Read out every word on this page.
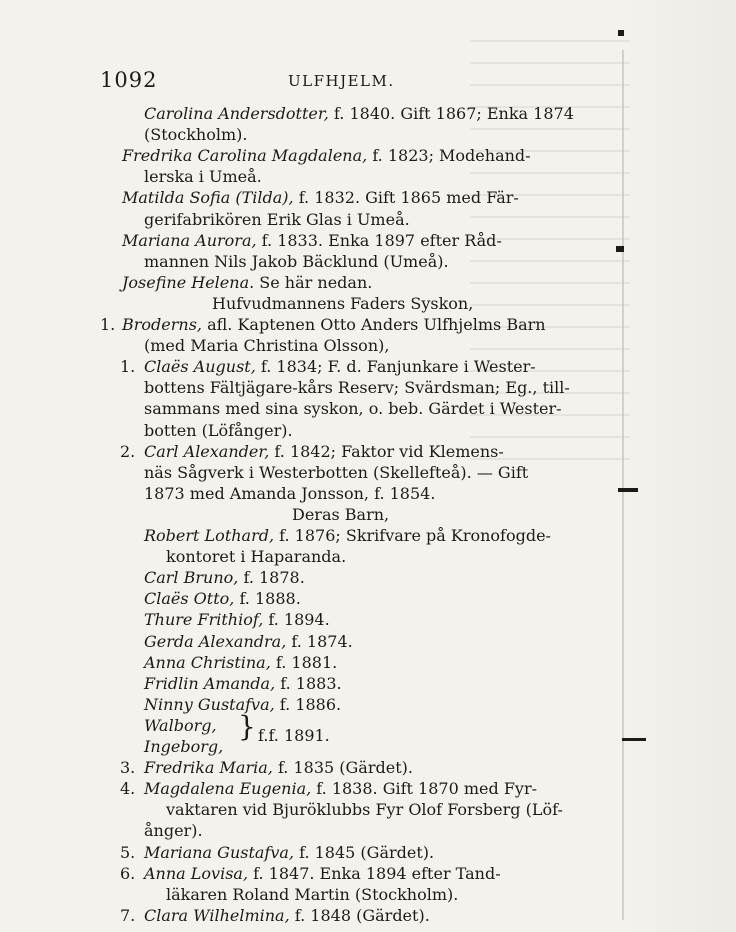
1092	ULFHJELM.
Carolina Andersdotter, f. 1840. Gift 1867; Enka 1874
(Stockholm).
Fredrika Carolina Magdalena, f. 1823; Modehand-
lerska i Umeå.
Matilda Sofia (Tilda), f. 1832. Gift 1865 med Fär-
gerifabrikören Erik Glas i Umeå.
Mariana Aurora, f. 1833. Enka 1897 efter Råd-
mannen Nils Jakob Bäcklund (Umeå).
Josefine Helena. Se här nedan.
Hufvudmannens Faders Syskon,
Broderns, afl. Kaptenen Otto Anders Ulfhjelms Barn
(med Maria Christina Olsson),
Claës August, f. 1834; F. d. Fanjunkare i Wester-
bottens Fältjägare-kårs Reserv; Svärdsman; Eg., till-
sammans med sina syskon, o. beb. Gärdet i Wester-
botten (Löfånger).
Carl Alexander, f. 1842; Faktor vid Klemens-
näs Sågverk i Westerbotten (Skellefteå). — Gift
1873 med Amanda Jonsson, f. 1854.
Deras Barn,
Robert Lothard, f. 1876; Skrifvare på Kronofogde-
kontoret i Haparanda.
Carl Bruno, f. 1878.
Claës Otto, f. 1888.
Thure Frithiof, f. 1894.
Gerda Alexandra, f. 1874.
Anna Christina, f. 1881.
Fridlin Amanda, f. 1883.
Ninny Gustafva, f. 1886.
Walborg,
Ingeborg,
Fredrika Maria, f. 1835 (Gärdet).
Magdalena Eugenia, f. 1838. Gift 1870 med Fyr-
vaktaren vid Bjuröklubbs Fyr Olof Forsberg (Löf-
ånger).
Mariana Gustafva, f. 1845 (Gärdet).
Anna Lovisa, f. 1847. Enka 1894 efter Tand-
läkaren Roland Martin (Stockholm).
Clara Wilhelmina, f. 1848 (Gärdet).
1.
1.
2.
3.
4.
5.
6.
7.
} f.f. 1891.
